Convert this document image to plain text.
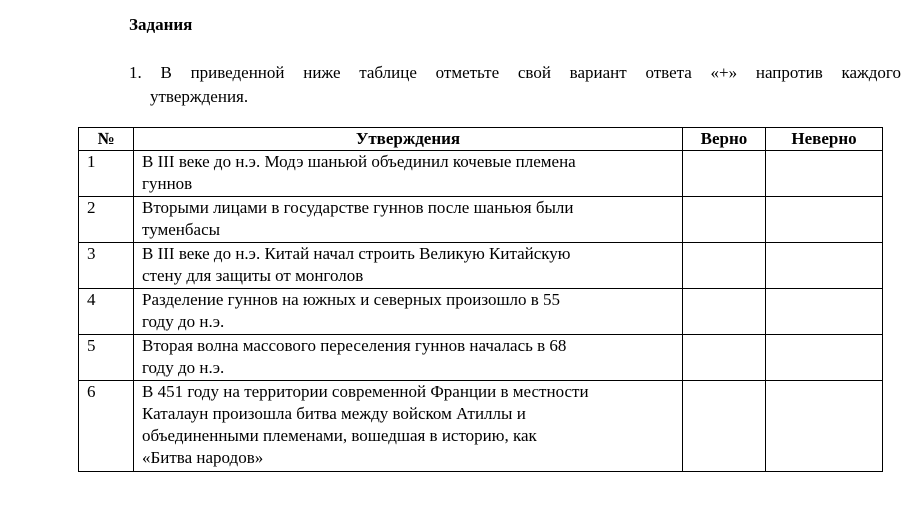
Задания
1. В приведенной ниже таблице отметьте свой вариант ответа «+» напротив каждого
утверждения.
№	Утверждения	Верно	Неверно
1	В III веке до н.э. Модэ шаньюй объединил кочевые племена
гуннов		

2	Вторыми лицами в государстве гуннов после шаньюя были
туменбасы		

3	В III веке до н.э. Китай начал строить Великую Китайскую
стену для защиты от монголов		

4	Разделение гуннов на южных и северных произошло в 55
году до н.э.		

5	Вторая волна массового переселения гуннов началась в 68
году до н.э.		

6	В 451 году на территории современной Франции в местности
Каталаун произошла битва между войском Атиллы и
объединенными племенами, вошедшая в историю, как
«Битва народов»		
